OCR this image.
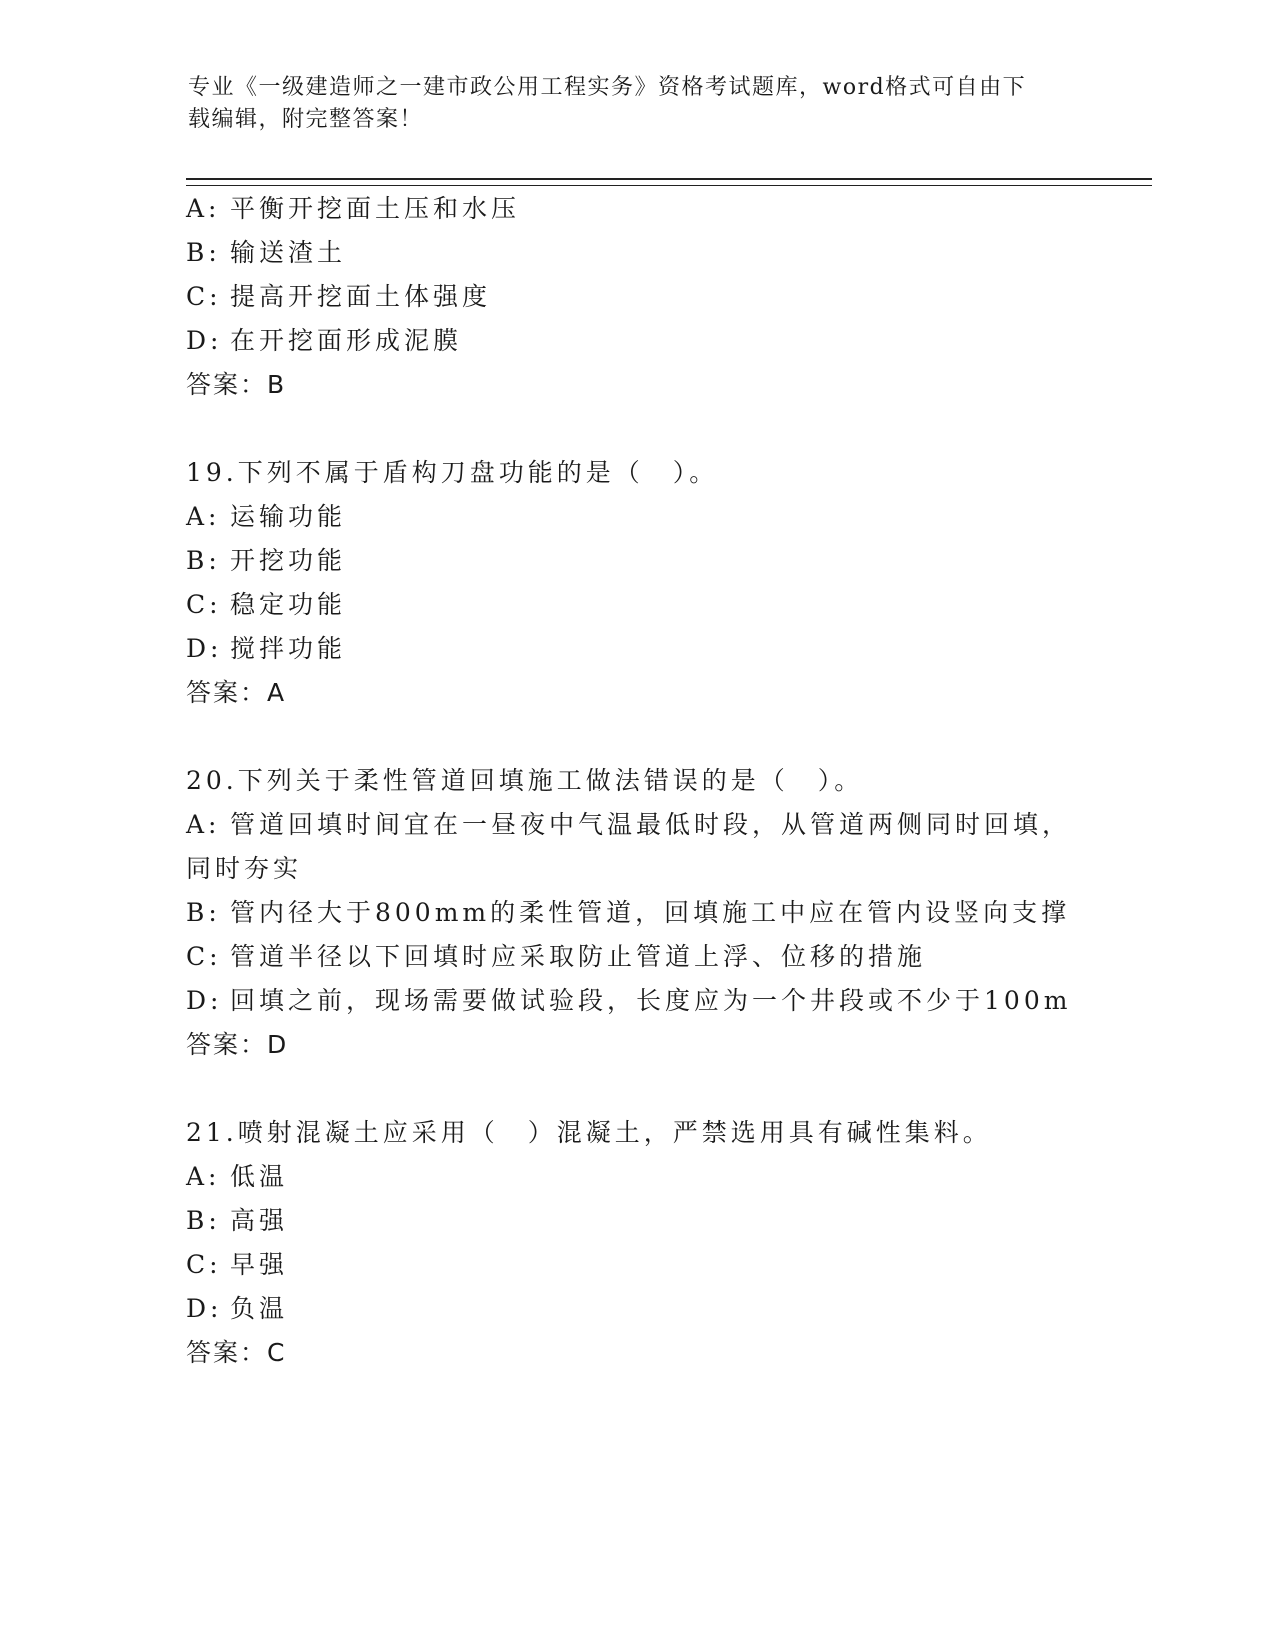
专业《一级建造师之一建市政公用工程实务》资格考试题库，word格式可自由下
载编辑，附完整答案！
A: 平衡开挖面土压和水压
B: 输送渣土
C: 提高开挖面土体强度
D: 在开挖面形成泥膜
答案：B
19.下列不属于盾构刀盘功能的是（　）。
A: 运输功能
B: 开挖功能
C: 稳定功能
D: 搅拌功能
答案：A
20.下列关于柔性管道回填施工做法错误的是（　）。
A: 管道回填时间宜在一昼夜中气温最低时段，从管道两侧同时回填，
同时夯实
B: 管内径大于800mm的柔性管道，回填施工中应在管内设竖向支撑
C: 管道半径以下回填时应采取防止管道上浮、位移的措施
D: 回填之前，现场需要做试验段，长度应为一个井段或不少于100m
答案：D
21.喷射混凝土应采用（　）混凝土，严禁选用具有碱性集料。
A: 低温
B: 高强
C: 早强
D: 负温
答案：C
